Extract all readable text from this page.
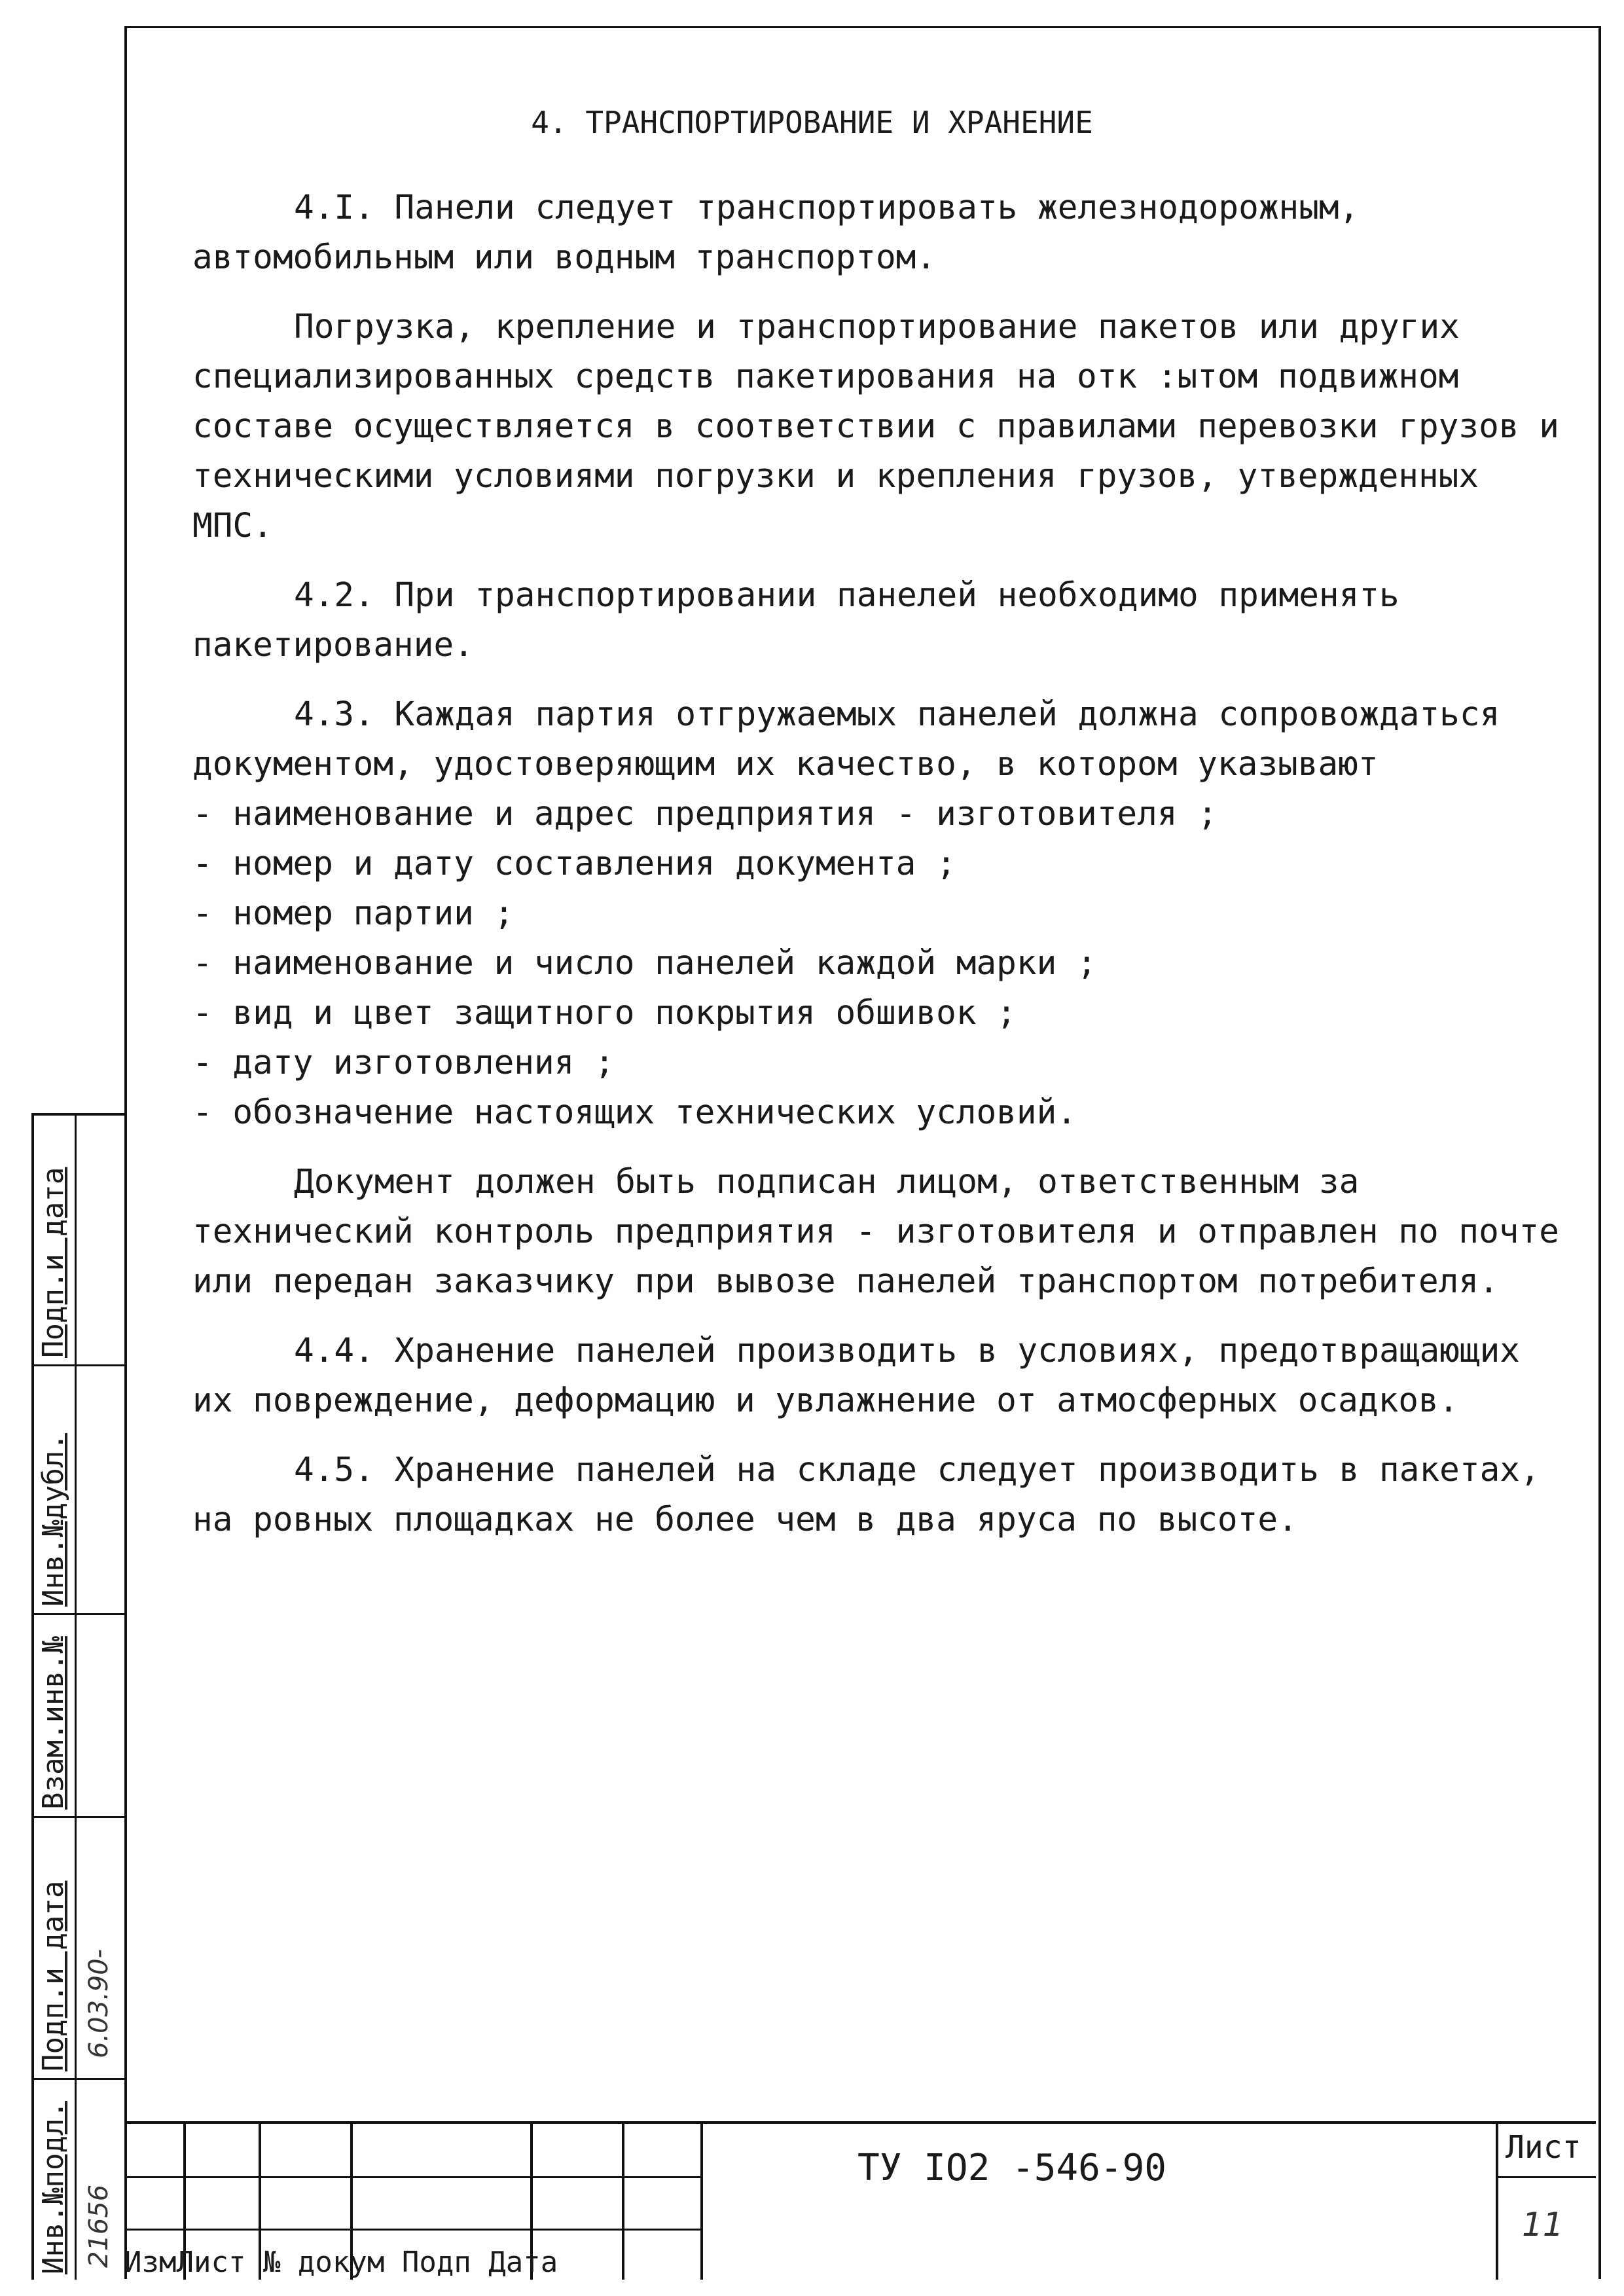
4. ТРАНСПОРТИРОВАНИЕ И ХРАНЕНИЕ

4.I. Панели следует транспортировать железнодорожным, автомобильным или водным транспортом.

Погрузка, крепление и транспортирование пакетов или других специализированных средств пакетирования на отк :ытом подвижном составе осуществляется в соответствии с правилами перевозки грузов и техническими условиями погрузки и крепления грузов, утвержденных МПС.

4.2. При транспортировании панелей необходимо применять пакетирование.

4.3. Каждая партия отгружаемых панелей должна сопровождаться документом, удостоверяющим их качество, в котором указывают

- наименование и адрес предприятия - изготовителя ;
- номер и дату составления документа ;
- номер партии ;
- наименование и число панелей каждой марки ;
- вид и цвет защитного покрытия обшивок ;
- дату изготовления ;
- обозначение настоящих технических условий.

Документ должен быть подписан лицом, ответственным за технический контроль предприятия - изготовителя и отправлен по почте или передан заказчику при вывозе панелей транспортом потребителя.

4.4. Хранение панелей производить в условиях, предотвращающих их повреждение, деформацию и увлажнение от атмосферных осадков.

4.5. Хранение панелей на складе следует производить в пакетах, на ровных площадках не более чем в два яруса по высоте.

ТУ IO2 -546-90
ИзмЛист № докум Подп Дата
Лист
11
Инв.№подл.
Подп.и дата
Взам.инв.№
Инв.№дубл.
Подп.и дата
21656
6.03.90-
